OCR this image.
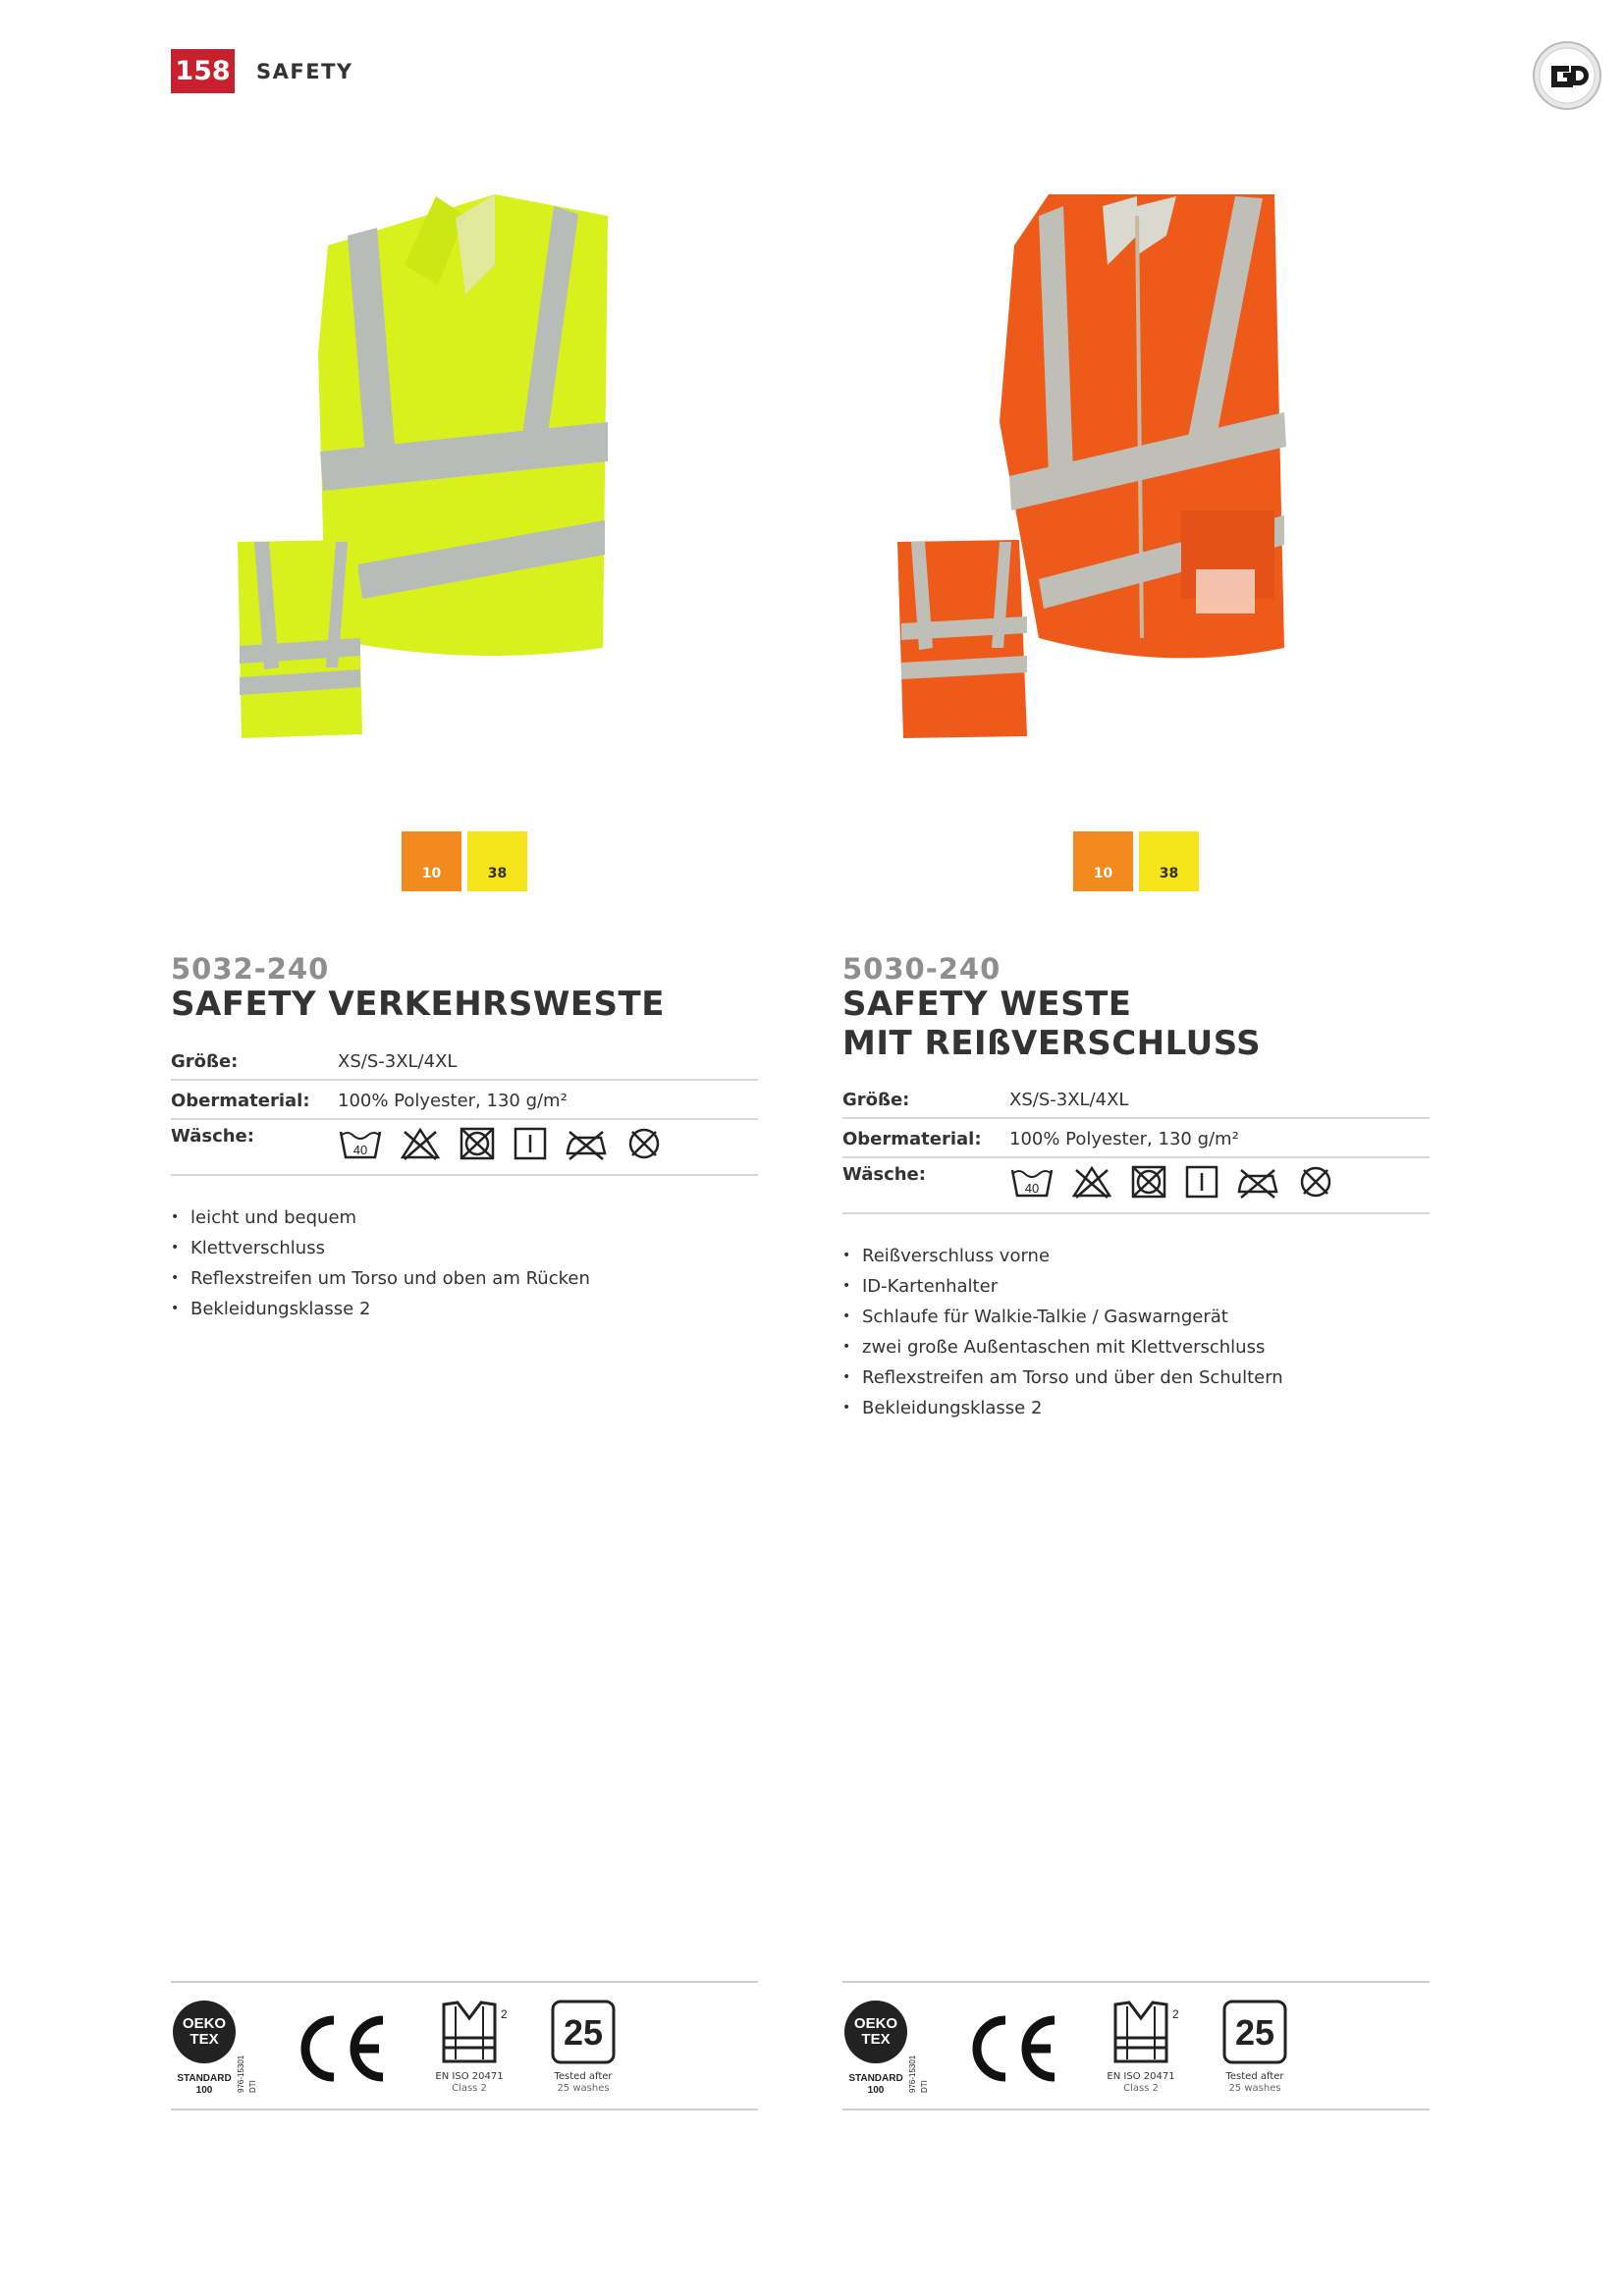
158 SAFETY
10	38
5032-240
SAFETY VERKEHRSWESTE
Größe:	XS/S-3XL/4XL
Obermaterial:	100% Polyester, 130 g/m²
Wäsche:
40
• leicht und bequem
• Klettverschluss
• Reflexstreifen um Torso und oben am Rücken
• Bekleidungsklasse 2
OEKO
TEX
STANDARD
100	976-15301 DTI
2
EN ISO 20471
Class 2
25
Tested after
25 washes
10	38
5030-240
SAFETY WESTE
MIT REIßVERSCHLUSS
Größe:	XS/S-3XL/4XL
Obermaterial:	100% Polyester, 130 g/m²
Wäsche:
40
• Reißverschluss vorne
• ID-Kartenhalter
• Schlaufe für Walkie-Talkie / Gaswarngerät
• zwei große Außentaschen mit Klettverschluss
• Reflexstreifen am Torso und über den Schultern
• Bekleidungsklasse 2
OEKO
TEX
STANDARD
100	976-15301 DTI
2
EN ISO 20471
Class 2
25
Tested after
25 washes
